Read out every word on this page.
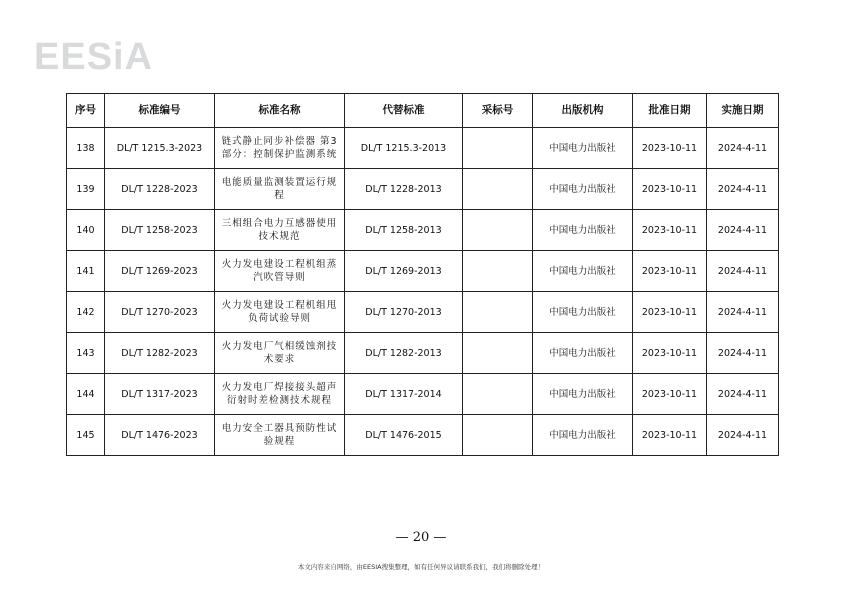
EESiA
序号	标准编号	标准名称	代替标准	采标号	出版机构	批准日期	实施日期
138	DL/T 1215.3-2023	链式静止同步补偿器 第3部分：控制保护监测系统	DL/T 1215.3-2013		中国电力出版社	2023-10-11	2024-4-11
139	DL/T 1228-2023	电能质量监测装置运行规程	DL/T 1228-2013		中国电力出版社	2023-10-11	2024-4-11
140	DL/T 1258-2023	三相组合电力互感器使用技术规范	DL/T 1258-2013		中国电力出版社	2023-10-11	2024-4-11
141	DL/T 1269-2023	火力发电建设工程机组蒸汽吹管导则	DL/T 1269-2013		中国电力出版社	2023-10-11	2024-4-11
142	DL/T 1270-2023	火力发电建设工程机组甩负荷试验导则	DL/T 1270-2013		中国电力出版社	2023-10-11	2024-4-11
143	DL/T 1282-2023	火力发电厂气相缓蚀剂技术要求	DL/T 1282-2013		中国电力出版社	2023-10-11	2024-4-11
144	DL/T 1317-2023	火力发电厂焊接接头超声衍射时差检测技术规程	DL/T 1317-2014		中国电力出版社	2023-10-11	2024-4-11
145	DL/T 1476-2023	电力安全工器具预防性试验规程	DL/T 1476-2015		中国电力出版社	2023-10-11	2024-4-11
— 20 —
本文内容来自网络，由EESIA搜集整理，如有任何异议请联系我们，我们将删除处理！
